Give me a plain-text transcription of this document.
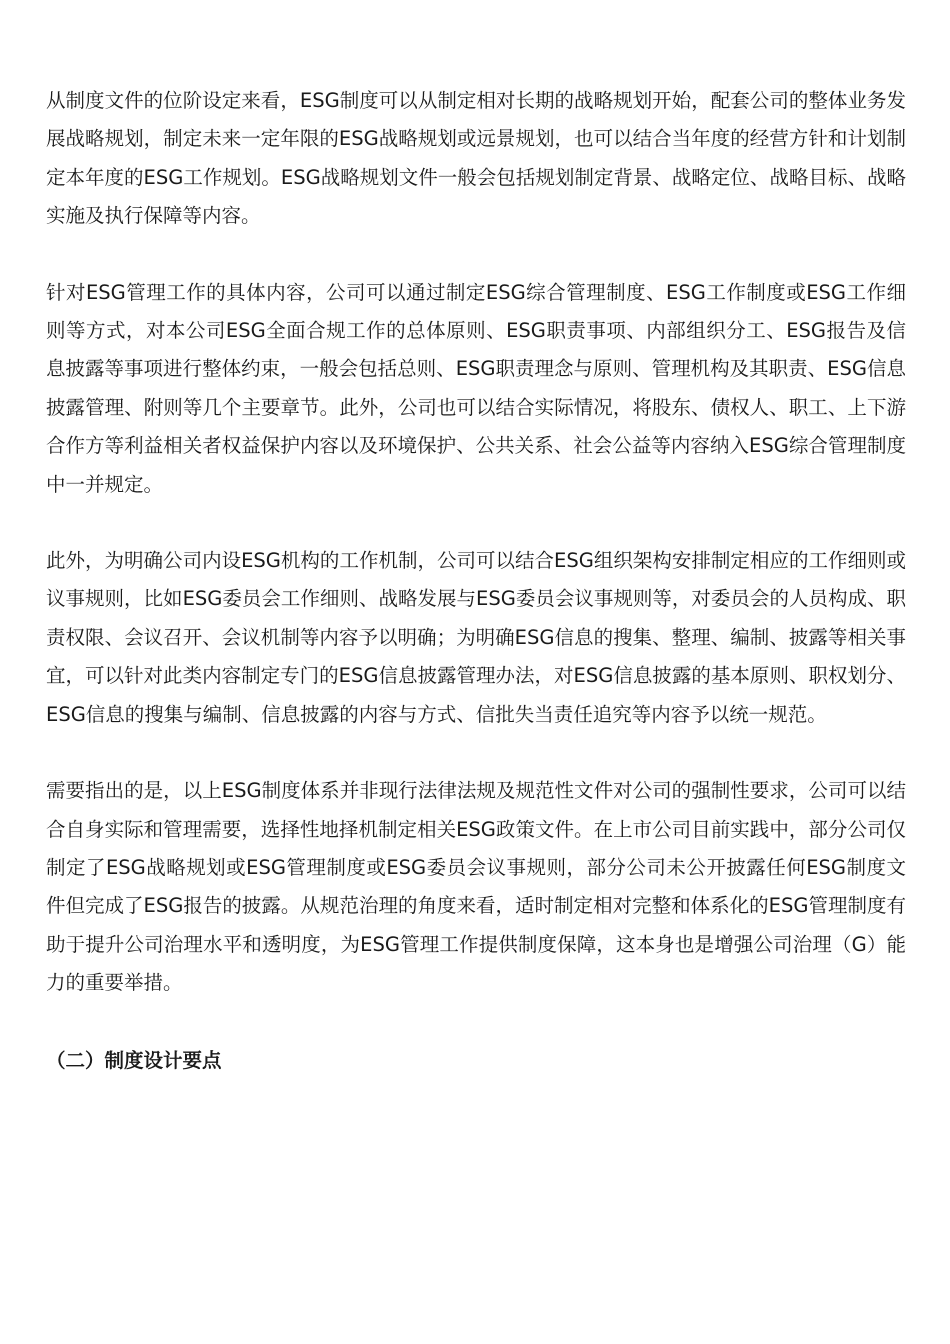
从制度文件的位阶设定来看，ESG制度可以从制定相对长期的战略规划开始，配套公司的整体业务发展战略规划，制定未来一定年限的ESG战略规划或远景规划，也可以结合当年度的经营方针和计划制定本年度的ESG工作规划。ESG战略规划文件一般会包括规划制定背景、战略定位、战略目标、战略实施及执行保障等内容。

针对ESG管理工作的具体内容，公司可以通过制定ESG综合管理制度、ESG工作制度或ESG工作细则等方式，对本公司ESG全面合规工作的总体原则、ESG职责事项、内部组织分工、ESG报告及信息披露等事项进行整体约束，一般会包括总则、ESG职责理念与原则、管理机构及其职责、ESG信息披露管理、附则等几个主要章节。此外，公司也可以结合实际情况，将股东、债权人、职工、上下游合作方等利益相关者权益保护内容以及环境保护、公共关系、社会公益等内容纳入ESG综合管理制度中一并规定。

此外，为明确公司内设ESG机构的工作机制，公司可以结合ESG组织架构安排制定相应的工作细则或议事规则，比如ESG委员会工作细则、战略发展与ESG委员会议事规则等，对委员会的人员构成、职责权限、会议召开、会议机制等内容予以明确；为明确ESG信息的搜集、整理、编制、披露等相关事宜，可以针对此类内容制定专门的ESG信息披露管理办法，对ESG信息披露的基本原则、职权划分、ESG信息的搜集与编制、信息披露的内容与方式、信批失当责任追究等内容予以统一规范。

需要指出的是，以上ESG制度体系并非现行法律法规及规范性文件对公司的强制性要求，公司可以结合自身实际和管理需要，选择性地择机制定相关ESG政策文件。在上市公司目前实践中，部分公司仅制定了ESG战略规划或ESG管理制度或ESG委员会议事规则，部分公司未公开披露任何ESG制度文件但完成了ESG报告的披露。从规范治理的角度来看，适时制定相对完整和体系化的ESG管理制度有助于提升公司治理水平和透明度，为ESG管理工作提供制度保障，这本身也是增强公司治理（G）能力的重要举措。

（二）制度设计要点
